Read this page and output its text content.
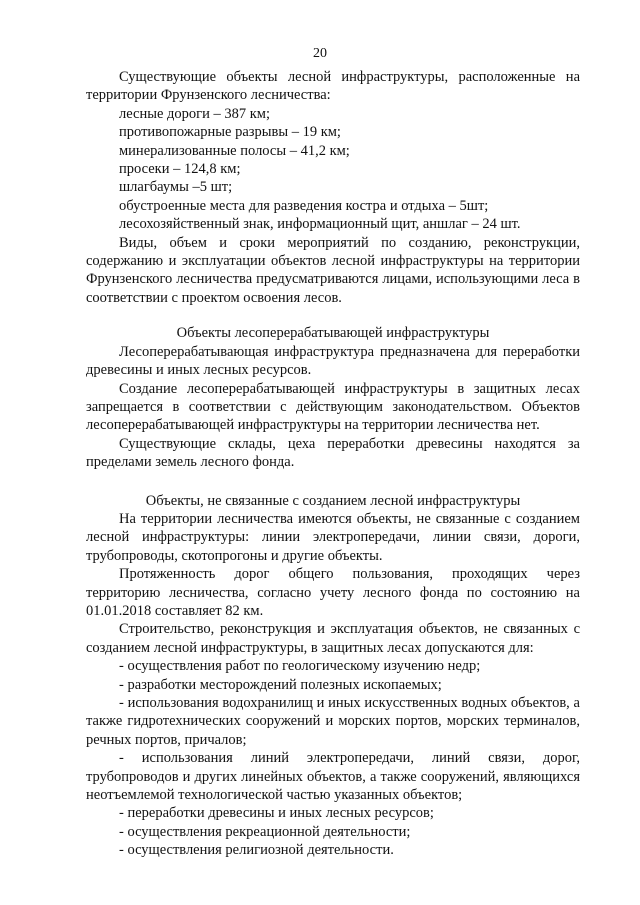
20

Существующие объекты лесной инфраструктуры, расположенные на территории Фрунзенского лесничества:

лесные дороги – 387 км;

противопожарные разрывы – 19 км;

минерализованные полосы – 41,2 км;

просеки – 124,8 км;

шлагбаумы –5 шт;

обустроенные места для разведения костра и отдыха – 5шт;

лесохозяйственный знак, информационный щит, аншлаг – 24 шт.

Виды, объем и сроки мероприятий по созданию, реконструкции, содержанию и эксплуатации объектов лесной инфраструктуры на территории Фрунзенского лесничества предусматриваются лицами, использующими леса в соответствии с проектом освоения лесов.

Объекты лесоперерабатывающей инфраструктуры

Лесоперерабатывающая инфраструктура предназначена для переработки древесины и иных лесных ресурсов.

Создание лесоперерабатывающей инфраструктуры в защитных лесах запрещается в соответствии с действующим законодательством. Объектов лесоперерабатывающей инфраструктуры на территории лесничества нет.

Существующие склады, цеха переработки древесины находятся за пределами земель лесного фонда.

Объекты, не связанные с созданием лесной инфраструктуры

На территории лесничества имеются объекты, не связанные с созданием лесной инфраструктуры: линии электропередачи, линии связи, дороги, трубопроводы, скотопрогоны и другие объекты.

Протяженность дорог общего пользования, проходящих через территорию лесничества, согласно учету лесного фонда по состоянию на 01.01.2018 составляет 82 км.

Строительство, реконструкция и эксплуатация объектов, не связанных с созданием лесной инфраструктуры, в защитных лесах допускаются для:

- осуществления работ по геологическому изучению недр;

- разработки месторождений полезных ископаемых;

- использования водохранилищ и иных искусственных водных объектов, а также гидротехнических сооружений и морских портов, морских терминалов, речных портов, причалов;

- использования линий электропередачи, линий связи, дорог, трубопроводов и других линейных объектов, а также сооружений, являющихся неотъемлемой технологической частью указанных объектов;

- переработки древесины и иных лесных ресурсов;

- осуществления рекреационной деятельности;

- осуществления религиозной деятельности.
